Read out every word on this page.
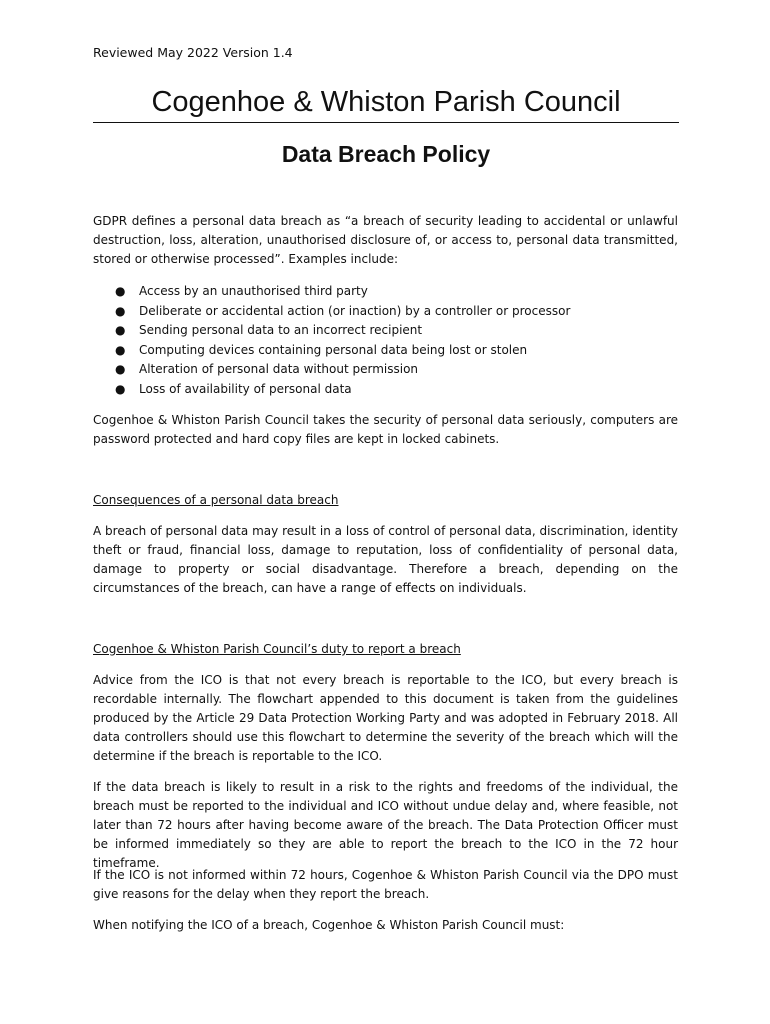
Reviewed May 2022 Version 1.4
Cogenhoe & Whiston Parish Council
Data Breach Policy

GDPR defines a personal data breach as “a breach of security leading to accidental or unlawful destruction, loss, alteration, unauthorised disclosure of, or access to, personal data transmitted, stored or otherwise processed”. Examples include:

● Access by an unauthorised third party
● Deliberate or accidental action (or inaction) by a controller or processor
● Sending personal data to an incorrect recipient
● Computing devices containing personal data being lost or stolen
● Alteration of personal data without permission
● Loss of availability of personal data

Cogenhoe & Whiston Parish Council takes the security of personal data seriously, computers are password protected and hard copy files are kept in locked cabinets.

Consequences of a personal data breach

A breach of personal data may result in a loss of control of personal data, discrimination, identity theft or fraud, financial loss, damage to reputation, loss of confidentiality of personal data, damage to property or social disadvantage. Therefore a breach, depending on the circumstances of the breach, can have a range of effects on individuals.

Cogenhoe & Whiston Parish Council’s duty to report a breach

Advice from the ICO is that not every breach is reportable to the ICO, but every breach is recordable internally. The flowchart appended to this document is taken from the guidelines produced by the Article 29 Data Protection Working Party and was adopted in February 2018. All data controllers should use this flowchart to determine the severity of the breach which will the determine if the breach is reportable to the ICO.

If the data breach is likely to result in a risk to the rights and freedoms of the individual, the breach must be reported to the individual and ICO without undue delay and, where feasible, not later than 72 hours after having become aware of the breach. The Data Protection Officer must be informed immediately so they are able to report the breach to the ICO in the 72 hour timeframe.

If the ICO is not informed within 72 hours, Cogenhoe & Whiston Parish Council via the DPO must give reasons for the delay when they report the breach.

When notifying the ICO of a breach, Cogenhoe & Whiston Parish Council must:
